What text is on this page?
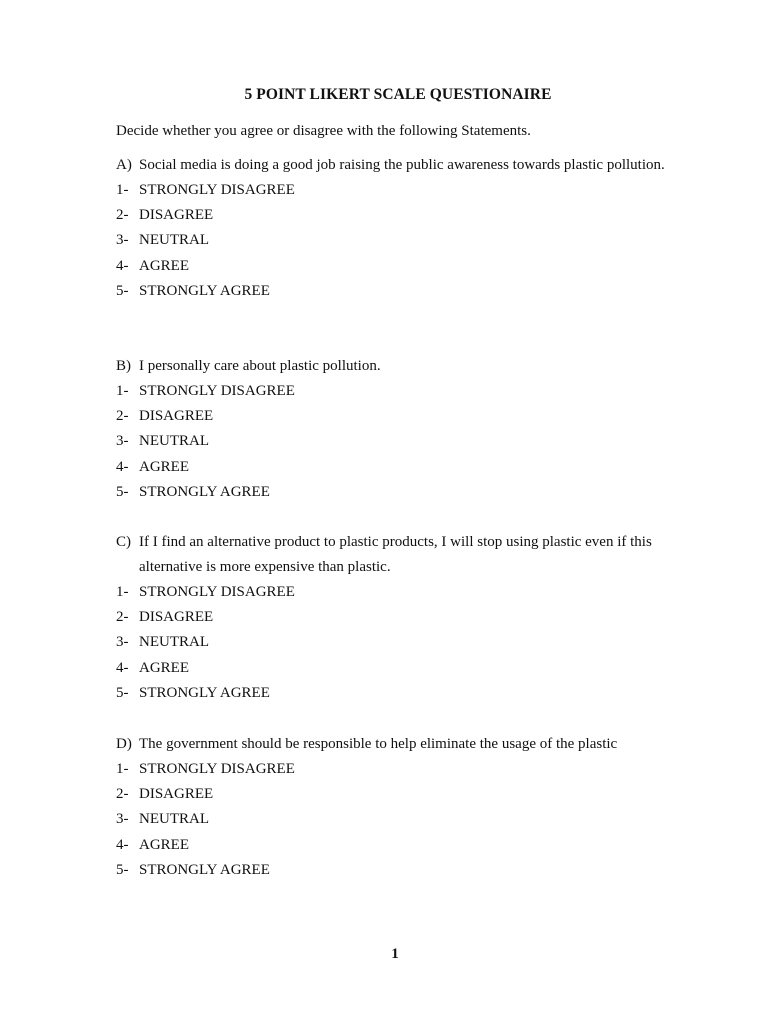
5 POINT LIKERT SCALE QUESTIONAIRE

Decide whether you agree or disagree with the following Statements.

A) Social media is doing a good job raising the public awareness towards plastic pollution.
1- STRONGLY DISAGREE
2- DISAGREE
3- NEUTRAL
4- AGREE
5- STRONGLY AGREE
B) I personally care about plastic pollution.
1- STRONGLY DISAGREE
2- DISAGREE
3- NEUTRAL
4- AGREE
5- STRONGLY AGREE
C) If I find an alternative product to plastic products, I will stop using plastic even if this alternative is more expensive than plastic.
1- STRONGLY DISAGREE
2- DISAGREE
3- NEUTRAL
4- AGREE
5- STRONGLY AGREE
D) The government should be responsible to help eliminate the usage of the plastic
1- STRONGLY DISAGREE
2- DISAGREE
3- NEUTRAL
4- AGREE
5- STRONGLY AGREE

1
